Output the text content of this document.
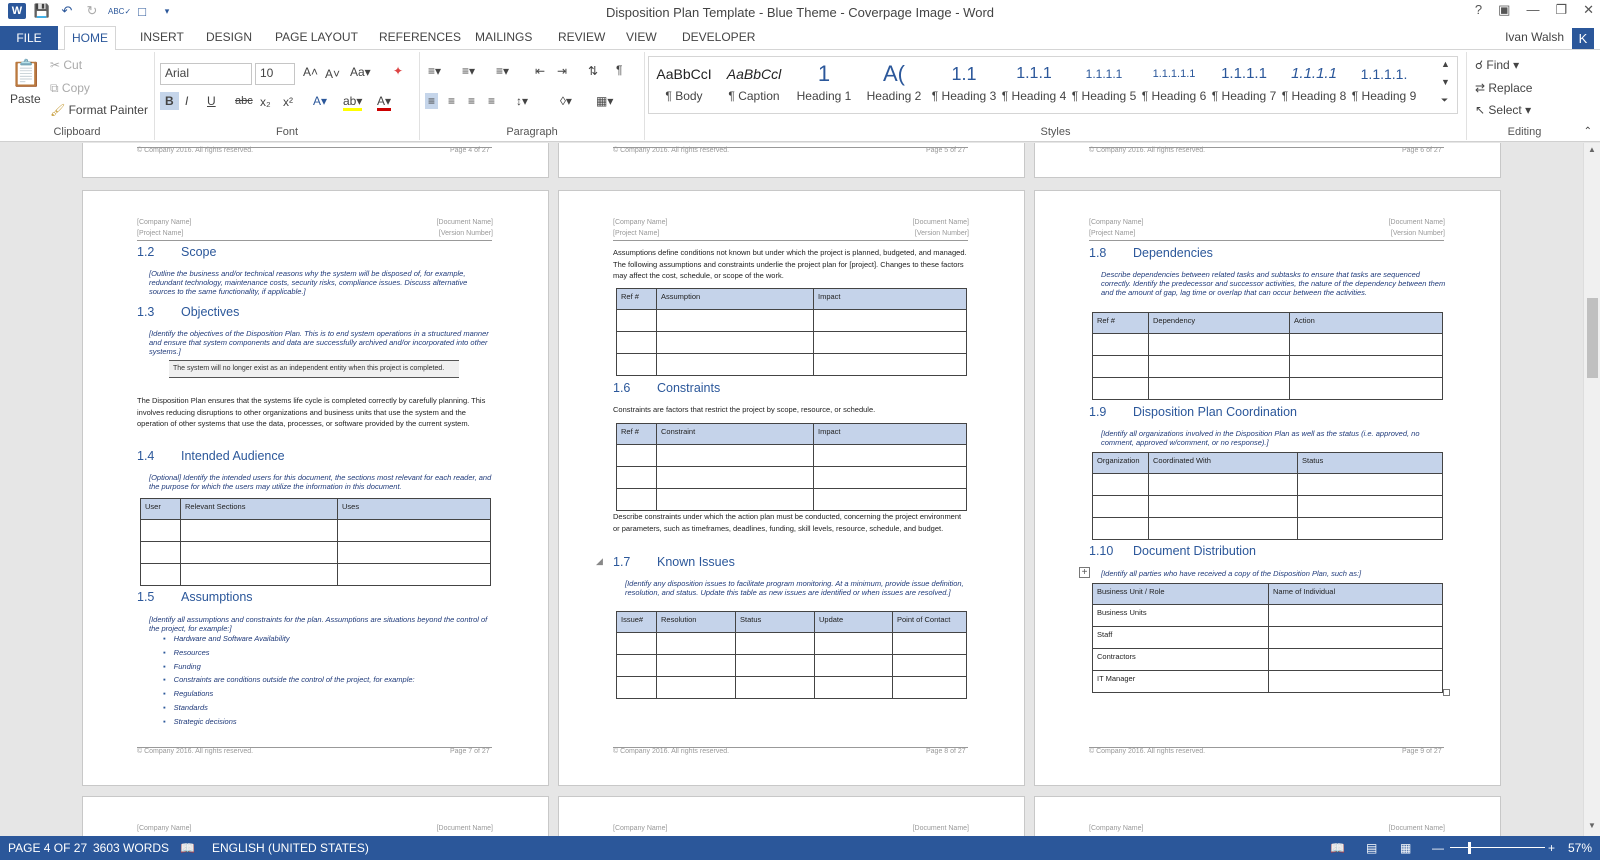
W 💾 ↶ ↻	ABC✓ □	▾	Disposition Plan Template - Blue Theme - Coverpage Image - Word	? ▣ — ❐ ✕
FILE	HOME	INSERT DESIGN PAGE LAYOUT REFERENCES MAILINGS REVIEW VIEW DEVELOPER	Ivan Walsh	K
📋
Paste
✂ Cut
⧉ Copy
🖌 Format Painter
Clipboard
Arial	10	A˄ A˅ Aa▾ ✦
B I U abc x₂ x² A▾ ab▾ A▾
Font
≡▾ ≡▾ ≡▾ ⇤ ⇥ ⇅ ¶
≡ ≡ ≡ ≡ ↕▾	◊▾ ▦▾
Paragraph
AaBbCcI
¶ Body
AaBbCcl
¶ Caption
1
Heading 1
A(
Heading 2
1.1
¶ Heading 3
1.1.1
¶ Heading 4
1.1.1.1
¶ Heading 5
1.1.1.1.1
¶ Heading 6
1.1.1.1
¶ Heading 7
1.1.1.1
¶ Heading 8
1.1.1.1.
¶ Heading 9
▲
▼
⏷
Styles
☌ Find ▾
⇄ Replace
↖ Select ▾
Editing	⌃
© Company 2016. All rights reserved.	Page 4 of 27	© Company 2016. All rights reserved.	Page 5 of 27	© Company 2016. All rights reserved.	Page 6 of 27
[Company Name]
[Project Name]
[Document Name]
[Version Number]
1.2 Scope
[Outline the business and/or technical reasons why the system will be disposed of, for example, redundant technology, maintenance costs, security risks, compliance issues. Discuss alternative sources to the same functionality, if applicable.]
1.3 Objectives
[Identify the objectives of the Disposition Plan. This is to end system operations in a structured manner and ensure that system components and data are successfully archived and/or incorporated into other systems.]
The system will no longer exist as an independent entity when this project is completed.
The Disposition Plan ensures that the systems life cycle is completed correctly by carefully planning. This involves reducing disruptions to other organizations and business units that use the system and the operation of other systems that use the data, processes, or software provided by the current system.
1.4 Intended Audience
[Optional] Identify the intended users for this document, the sections most relevant for each reader, and the purpose for which the users may utilize the information in this document.
User	Relevant Sections	Uses

1.5 Assumptions
[Identify all assumptions and constraints for the plan. Assumptions are situations beyond the control of the project, for example:]
▪ Hardware and Software Availability
▪ Resources
▪ Funding
▪ Constraints are conditions outside the control of the project, for example:
▪ Regulations
▪ Standards
▪ Strategic decisions
© Company 2016. All rights reserved.	Page 7 of 27
[Company Name]
[Project Name]
[Document Name]
[Version Number]
Assumptions define conditions not known but under which the project is planned, budgeted, and managed. The following assumptions and constraints underlie the project plan for [project]. Changes to these factors may affect the cost, schedule, or scope of the work.
Ref #	Assumption	Impact

1.6 Constraints
Constraints are factors that restrict the project by scope, resource, or schedule.
Ref #	Constraint	Impact

Describe constraints under which the action plan must be conducted, concerning the project environment or parameters, such as timeframes, deadlines, funding, skill levels, resource, schedule, and budget.
◢ 1.7 Known Issues
[Identify any disposition issues to facilitate program monitoring. At a minimum, provide issue definition, resolution, and status. Update this table as new issues are identified or when issues are resolved.]
Issue#	Resolution	Status	Update	Point of Contact

© Company 2016. All rights reserved.	Page 8 of 27
[Company Name]
[Project Name]
[Document Name]
[Version Number]
1.8 Dependencies
Describe dependencies between related tasks and subtasks to ensure that tasks are sequenced correctly. Identify the predecessor and successor activities, the nature of the dependency between them and the amount of gap, lag time or overlap that can occur between the activities.
Ref #	Dependency	Action

1.9 Disposition Plan Coordination
[Identify all organizations involved in the Disposition Plan as well as the status (i.e. approved, no comment, approved w/comment, or no response).]
Organization	Coordinated With	Status

1.10 Document Distribution
+	[Identify all parties who have received a copy of the Disposition Plan, such as:]
Business Unit / Role	Name of Individual
Business Units	
Staff	
Contractors	
IT Manager	
© Company 2016. All rights reserved.	Page 9 of 27
[Company Name]	[Document Name]	[Company Name]	[Document Name]	[Company Name]	[Document Name]
▲
▼
PAGE 4 OF 27 3603 WORDS 📖 ENGLISH (UNITED STATES)	📖 ▤ ▦ —	+ 57%
